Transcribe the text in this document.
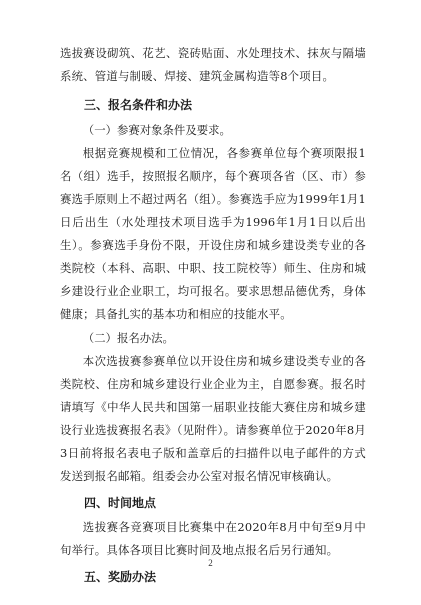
选拔赛设砌筑、花艺、瓷砖贴面、水处理技术、抹灰与隔墙系统、管道与制暖、焊接、建筑金属构造等8个项目。

三、报名条件和办法

（一）参赛对象条件及要求。

根据竞赛规模和工位情况，各参赛单位每个赛项限报1名（组）选手，按照报名顺序，每个赛项各省（区、市）参赛选手原则上不超过两名（组）。参赛选手应为1999年1月1日后出生（水处理技术项目选手为1996年1月1日以后出生）。参赛选手身份不限，开设住房和城乡建设类专业的各类院校（本科、高职、中职、技工院校等）师生、住房和城乡建设行业企业职工，均可报名。要求思想品德优秀，身体健康；具备扎实的基本功和相应的技能水平。

（二）报名办法。

本次选拔赛参赛单位以开设住房和城乡建设类专业的各类院校、住房和城乡建设行业企业为主，自愿参赛。报名时请填写《中华人民共和国第一届职业技能大赛住房和城乡建设行业选拔赛报名表》（见附件）。请参赛单位于2020年8月3日前将报名表电子版和盖章后的扫描件以电子邮件的方式发送到报名邮箱。组委会办公室对报名情况审核确认。

四、时间地点

选拔赛各竞赛项目比赛集中在2020年8月中旬至9月中旬举行。具体各项目比赛时间及地点报名后另行通知。

五、奖励办法

2
